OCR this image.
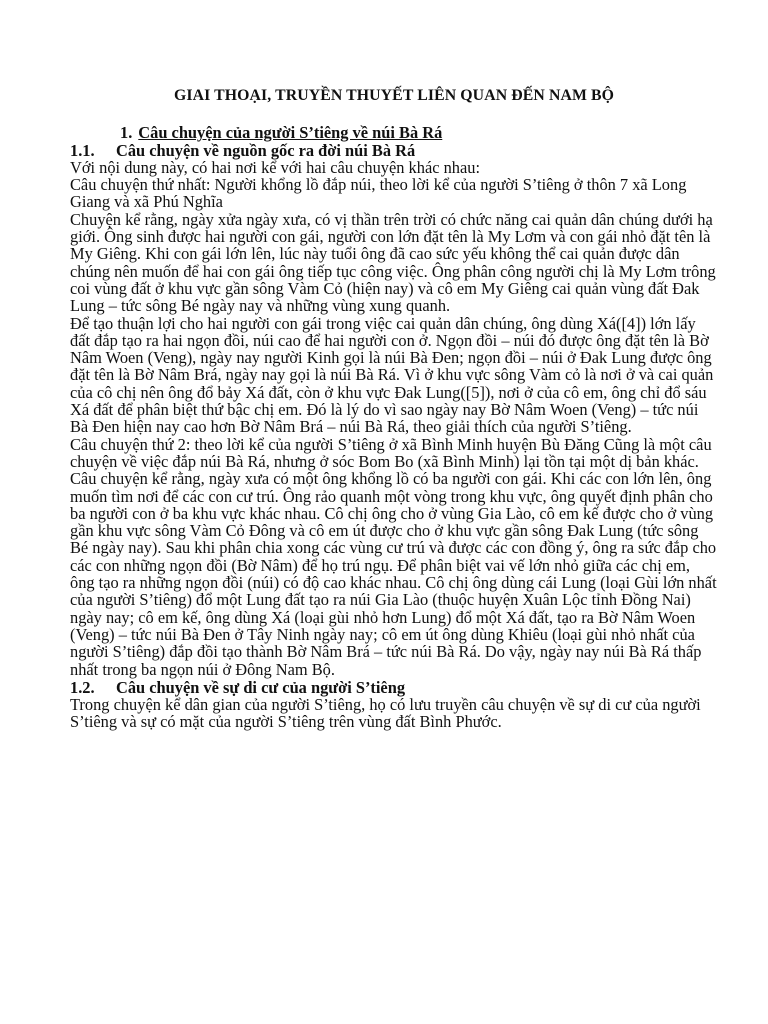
GIAI THOẠI, TRUYỀN THUYẾT LIÊN QUAN ĐẾN NAM BỘ
1. Câu chuyện của người S’tiêng về núi Bà Rá
1.1. Câu chuyện về nguồn gốc ra đời núi Bà Rá

Với nội dung này, có hai nơi kể với hai câu chuyện khác nhau:

Câu chuyện thứ nhất: Người khổng lồ đắp núi, theo lời kể của người S’tiêng ở thôn 7 xã Long Giang và xã Phú Nghĩa

Chuyện kể rằng, ngày xửa ngày xưa, có vị thần trên trời có chức năng cai quản dân chúng dưới hạ giới. Ông sinh được hai người con gái, người con lớn đặt tên là My Lơm và con gái nhỏ đặt tên là My Giêng. Khi con gái lớn lên, lúc này tuổi ông đã cao sức yếu không thể cai quản được dân chúng nên muốn để hai con gái ông tiếp tục công việc. Ông phân công người chị là My Lơm trông coi vùng đất ở khu vực gần sông Vàm Cỏ (hiện nay) và cô em My Giêng cai quản vùng đất Đak Lung – tức sông Bé ngày nay và những vùng xung quanh.

Để tạo thuận lợi cho hai người con gái trong việc cai quản dân chúng, ông dùng Xá([4]) lớn lấy đất đắp tạo ra hai ngọn đồi, núi cao để hai người con ở. Ngọn đồi – núi đó được ông đặt tên là Bờ Nâm Woen (Veng), ngày nay người Kinh gọi là núi Bà Đen; ngọn đồi – núi ở Đak Lung được ông đặt tên là Bờ Nâm Brá, ngày nay gọi là núi Bà Rá. Vì ở khu vực sông Vàm cỏ là nơi ở và cai quản của cô chị nên ông đổ bảy Xá đất, còn ở khu vực Đak Lung([5]), nơi ở của cô em, ông chỉ đổ sáu Xá đất để phân biệt thứ bậc chị em. Đó là lý do vì sao ngày nay Bờ Nâm Woen (Veng) – tức núi Bà Đen hiện nay cao hơn Bờ Nâm Brá – núi Bà Rá, theo giải thích của người S’tiêng.

Câu chuyện thứ 2: theo lời kể của người S’tiêng ở xã Bình Minh huyện Bù Đăng Cũng là một câu chuyện về việc đắp núi Bà Rá, nhưng ở sóc Bom Bo (xã Bình Minh) lại tồn tại một dị bản khác.

Câu chuyện kể rằng, ngày xưa có một ông khổng lồ có ba người con gái. Khi các con lớn lên, ông muốn tìm nơi để các con cư trú. Ông rảo quanh một vòng trong khu vực, ông quyết định phân cho ba người con ở ba khu vực khác nhau. Cô chị ông cho ở vùng Gia Lào, cô em kế được cho ở vùng gần khu vực sông Vàm Cỏ Đông và cô em út được cho ở khu vực gần sông Đak Lung (tức sông Bé ngày nay). Sau khi phân chia xong các vùng cư trú và được các con đồng ý, ông ra sức đắp cho các con những ngọn đồi (Bờ Nâm) để họ trú ngụ. Để phân biệt vai vế lớn nhỏ giữa các chị em, ông tạo ra những ngọn đồi (núi) có độ cao khác nhau. Cô chị ông dùng cái Lung (loại Gùi lớn nhất của người S’tiêng) đổ một Lung đất tạo ra núi Gia Lào (thuộc huyện Xuân Lộc tỉnh Đồng Nai) ngày nay; cô em kế, ông dùng Xá (loại gùi nhỏ hơn Lung) đổ một Xá đất, tạo ra Bờ Nâm Woen (Veng) – tức núi Bà Đen ở Tây Ninh ngày nay; cô em út ông dùng Khiêu (loại gùi nhỏ nhất của người S’tiêng) đắp đồi tạo thành Bờ Nâm Brá – tức núi Bà Rá. Do vậy, ngày nay núi Bà Rá thấp nhất trong ba ngọn núi ở Đông Nam Bộ.

1.2. Câu chuyện về sự di cư của người S’tiêng

Trong chuyện kể dân gian của người S’tiêng, họ có lưu truyền câu chuyện về sự di cư của người S’tiêng và sự có mặt của người S’tiêng trên vùng đất Bình Phước.
